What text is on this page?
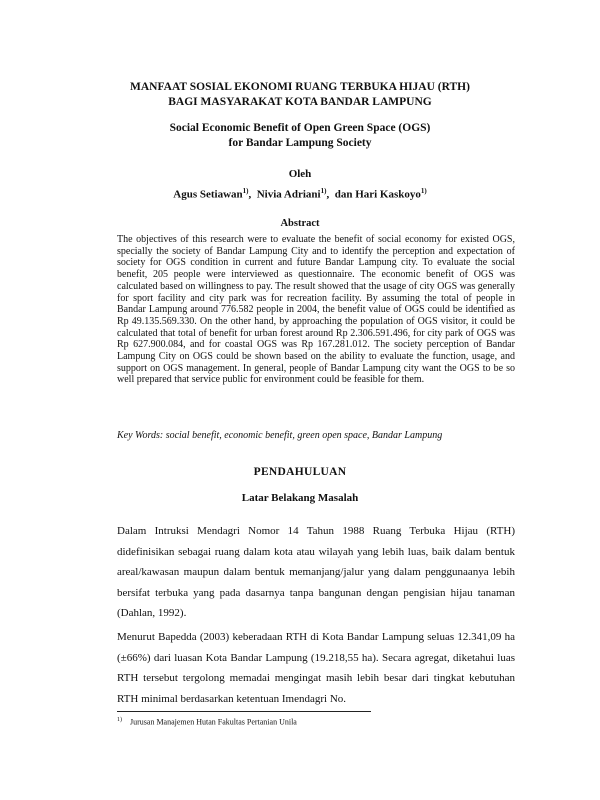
MANFAAT SOSIAL EKONOMI RUANG TERBUKA HIJAU (RTH)
BAGI MASYARAKAT KOTA BANDAR LAMPUNG
Social Economic Benefit of Open Green Space (OGS)
for Bandar Lampung Society
Oleh
Agus Setiawan$^{1)}$,  Nivia Adriani$^{1)}$,  dan Hari Kaskoyo$^{1)}$
Abstract
The objectives of this research were to evaluate the benefit of social economy for existed OGS, specially the society of Bandar Lampung City and to identify the perception and expectation of society for OGS condition in current and future Bandar Lampung city. To evaluate the social benefit, 205 people were interviewed as questionnaire. The economic benefit of OGS was calculated based on willingness to pay. The result showed that the usage of city OGS was generally for sport facility and city park was for recreation facility. By assuming the total of people in Bandar Lampung around 776.582 people in 2004, the benefit value of OGS could be identified as Rp 49.135.569.330. On the other hand, by approaching the population of OGS visitor, it could be calculated that total of benefit for urban forest around Rp 2.306.591.496, for city park of OGS was Rp 627.900.084, and for coastal OGS was Rp 167.281.012. The society perception of Bandar Lampung City on OGS could be shown based on the ability to evaluate the function, usage, and support on OGS management. In general, people of Bandar Lampung city want the OGS to be so well prepared that service public for environment could be feasible for them.
Key Words: social benefit, economic benefit, green open space, Bandar Lampung
PENDAHULUAN
Latar Belakang Masalah
Dalam Intruksi Mendagri Nomor 14 Tahun 1988 Ruang Terbuka Hijau (RTH) didefinisikan sebagai ruang dalam kota atau wilayah yang lebih luas, baik dalam bentuk areal/kawasan maupun dalam bentuk memanjang/jalur yang dalam penggunaanya lebih bersifat terbuka yang pada dasarnya tanpa bangunan dengan pengisian hijau tanaman (Dahlan, 1992).
Menurut Bapedda (2003) keberadaan RTH di Kota Bandar Lampung seluas 12.341,09 ha (±66%) dari luasan Kota Bandar Lampung (19.218,55 ha). Secara agregat, diketahui luas RTH tersebut tergolong memadai mengingat masih lebih besar dari tingkat kebutuhan RTH minimal berdasarkan ketentuan Imendagri No.
$^{1)}$ Jurusan Manajemen Hutan Fakultas Pertanian Unila
